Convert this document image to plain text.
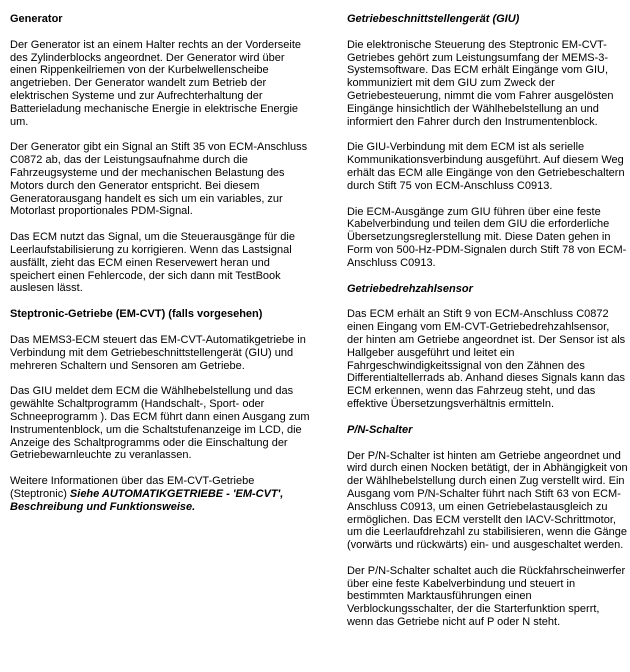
Generator

Der Generator ist an einem Halter rechts an der Vorderseite des Zylinderblocks angeordnet. Der Generator wird über einen Rippenkeilriemen von der Kurbelwellenscheibe angetrieben. Der Generator wandelt zum Betrieb der elektrischen Systeme und zur Aufrechterhaltung der Batterieladung mechanische Energie in elektrische Energie um.

Der Generator gibt ein Signal an Stift 35 von ECM-Anschluss C0872 ab, das der Leistungsaufnahme durch die Fahrzeugsysteme und der mechanischen Belastung des Motors durch den Generator entspricht. Bei diesem Generatorausgang handelt es sich um ein variables, zur Motorlast proportionales PDM-Signal.

Das ECM nutzt das Signal, um die Steuerausgänge für die Leerlaufstabilisierung zu korrigieren. Wenn das Lastsignal ausfällt, zieht das ECM einen Reservewert heran und speichert einen Fehlercode, der sich dann mit TestBook auslesen lässt.

Steptronic-Getriebe (EM-CVT) (falls vorgesehen)

Das MEMS3-ECM steuert das EM-CVT-Automatikgetriebe in Verbindung mit dem Getriebeschnittstellengerät (GIU) und mehreren Schaltern und Sensoren am Getriebe.

Das GIU meldet dem ECM die Wählhebelstellung und das gewählte Schaltprogramm (Handschalt-, Sport- oder Schneeprogramm ). Das ECM führt dann einen Ausgang zum Instrumentenblock, um die Schaltstufenanzeige im LCD, die Anzeige des Schaltprogramms oder die Einschaltung der Getriebewarnleuchte zu veranlassen.

Weitere Informationen über das EM-CVT-Getriebe (Steptronic) Siehe AUTOMATIKGETRIEBE - 'EM-CVT', Beschreibung und Funktionsweise.

Getriebeschnittstellengerät (GIU)

Die elektronische Steuerung des Steptronic EM-CVT-Getriebes gehört zum Leistungsumfang der MEMS-3-Systemsoftware. Das ECM erhält Eingänge vom GIU, kommuniziert mit dem GIU zum Zweck der Getriebesteuerung, nimmt die vom Fahrer ausgelösten Eingänge hinsichtlich der Wählhebelstellung an und informiert den Fahrer durch den Instrumentenblock.

Die GIU-Verbindung mit dem ECM ist als serielle Kommunikationsverbindung ausgeführt. Auf diesem Weg erhält das ECM alle Eingänge von den Getriebeschaltern durch Stift 75 von ECM-Anschluss C0913.

Die ECM-Ausgänge zum GIU führen über eine feste Kabelverbindung und teilen dem GIU die erforderliche Übersetzungsreglerstellung mit. Diese Daten gehen in Form von 500-Hz-PDM-Signalen durch Stift 78 von ECM-Anschluss C0913.

Getriebedrehzahlsensor

Das ECM erhält an Stift 9 von ECM-Anschluss C0872 einen Eingang vom EM-CVT-Getriebedrehzahlsensor, der hinten am Getriebe angeordnet ist. Der Sensor ist als Hallgeber ausgeführt und leitet ein Fahrgeschwindigkeitssignal von den Zähnen des Differentialtellerrads ab. Anhand dieses Signals kann das ECM erkennen, wenn das Fahrzeug steht, und das effektive Übersetzungsverhältnis ermitteln.

P/N-Schalter

Der P/N-Schalter ist hinten am Getriebe angeordnet und wird durch einen Nocken betätigt, der in Abhängigkeit von der Wählhebelstellung durch einen Zug verstellt wird. Ein Ausgang vom P/N-Schalter führt nach Stift 63 von ECM-Anschluss C0913, um einen Getriebelastausgleich zu ermöglichen. Das ECM verstellt den IACV-Schrittmotor, um die Leerlaufdrehzahl zu stabilisieren, wenn die Gänge (vorwärts und rückwärts) ein- und ausgeschaltet werden.

Der P/N-Schalter schaltet auch die Rückfahrscheinwerfer über eine feste Kabelverbindung und steuert in bestimmten Marktausführungen einen Verblockungsschalter, der die Starterfunktion sperrt, wenn das Getriebe nicht auf P oder N steht.
